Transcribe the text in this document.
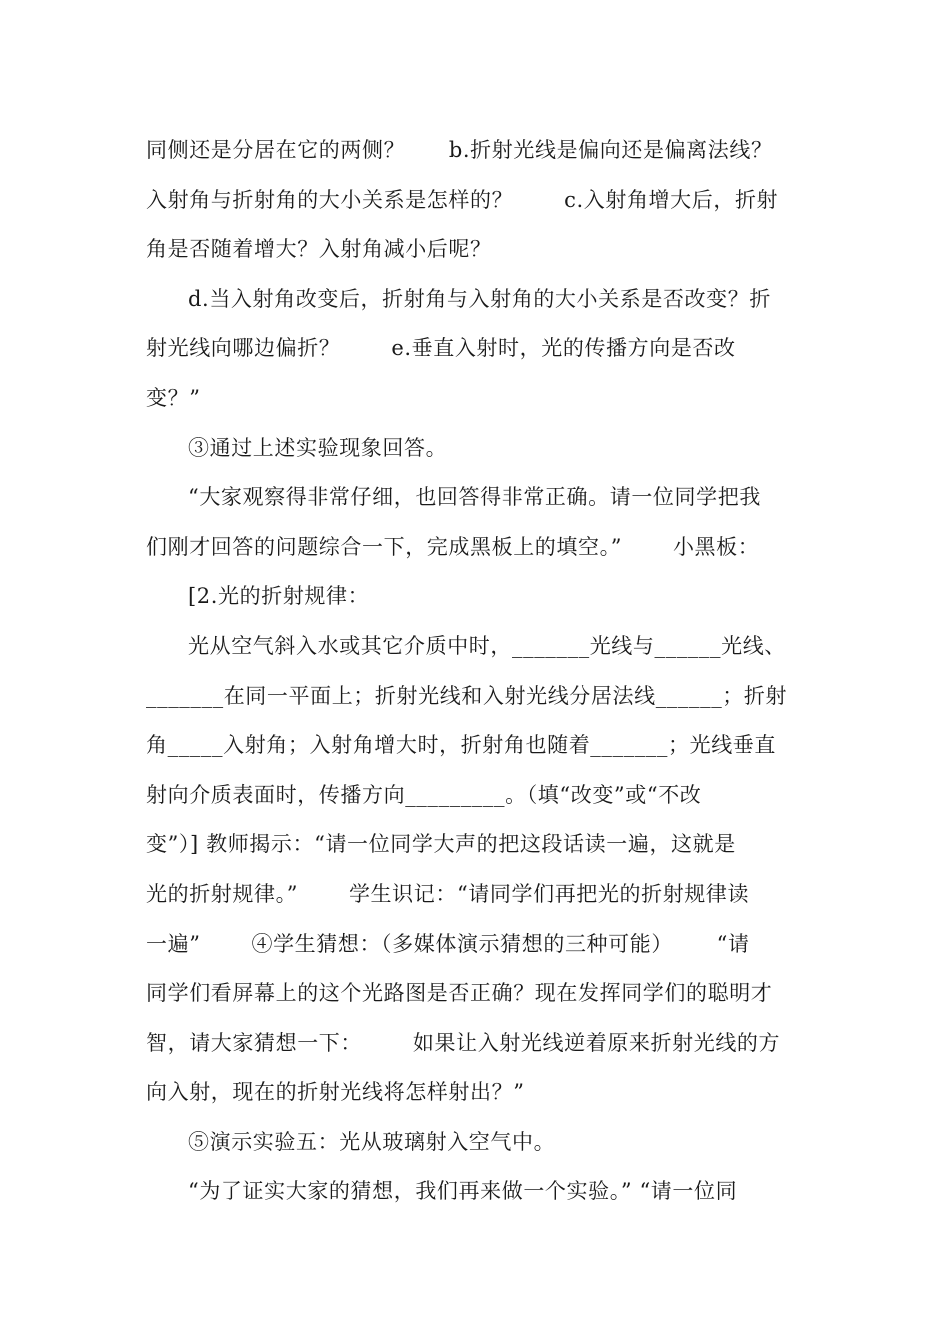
同侧还是分居在它的两侧？      b.折射光线是偏向还是偏离法线？
入射角与折射角的大小关系是怎样的？       c.入射角增大后，折射
角是否随着增大？入射角减小后呢？
d.当入射角改变后，折射角与入射角的大小关系是否改变？折
射光线向哪边偏折？       e.垂直入射时，光的传播方向是否改
变？”
③通过上述实验现象回答。
“大家观察得非常仔细，也回答得非常正确。请一位同学把我
们刚才回答的问题综合一下，完成黑板上的填空。”       小黑板：
[2.光的折射规律：
光从空气斜入水或其它介质中时，_______光线与______光线、
_______在同一平面上；折射光线和入射光线分居法线______；折射
角_____入射角；入射角增大时，折射角也随着_______；光线垂直
射向介质表面时，传播方向_________。（填“改变”或“不改
变”）] 教师揭示：“请一位同学大声的把这段话读一遍，这就是
光的折射规律。”       学生识记：“请同学们再把光的折射规律读
一遍”       ④学生猜想：（多媒体演示猜想的三种可能）      “请
同学们看屏幕上的这个光路图是否正确？现在发挥同学们的聪明才
智，请大家猜想一下：       如果让入射光线逆着原来折射光线的方
向入射，现在的折射光线将怎样射出？”
⑤演示实验五：光从玻璃射入空气中。
“为了证实大家的猜想，我们再来做一个实验。” “请一位同
